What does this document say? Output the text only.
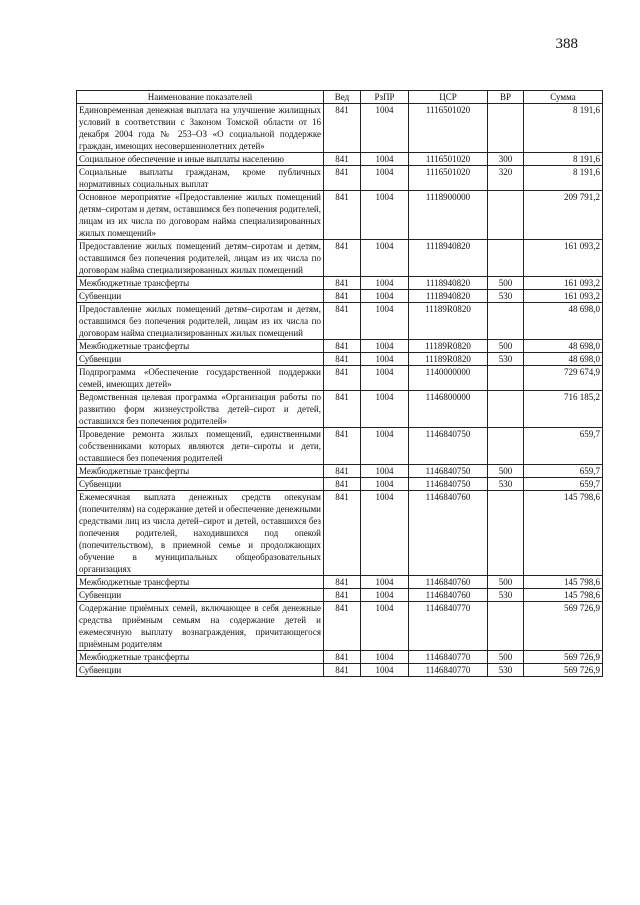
388
Наименование показателей	Вед	РзПР	ЦСР	ВР	Сумма
Единовременная денежная выплата на улучшение жилищных условий в соответствии с Законом Томской области от 16 декабря 2004 года № 253–ОЗ «О социальной поддержке граждан, имеющих несовершеннолетних детей»	841	1004	1116501020		8 191,6
Социальное обеспечение и иные выплаты населению	841	1004	1116501020	300	8 191,6
Социальные выплаты гражданам, кроме публичных нормативных социальных выплат	841	1004	1116501020	320	8 191,6
Основное мероприятие «Предоставление жилых помещений детям–сиротам и детям, оставшимся без попечения родителей, лицам из их числа по договорам найма специализированных жилых помещений»	841	1004	1118900000		209 791,2
Предоставление жилых помещений детям–сиротам и детям, оставшимся без попечения родителей, лицам из их числа по договорам найма специализированных жилых помещений	841	1004	1118940820		161 093,2
Межбюджетные трансферты	841	1004	1118940820	500	161 093,2
Субвенции	841	1004	1118940820	530	161 093,2
Предоставление жилых помещений детям–сиротам и детям, оставшимся без попечения родителей, лицам из их числа по договорам найма специализированных жилых помещений	841	1004	11189R0820		48 698,0
Межбюджетные трансферты	841	1004	11189R0820	500	48 698,0
Субвенции	841	1004	11189R0820	530	48 698,0
Подпрограмма «Обеспечение государственной поддержки семей, имеющих детей»	841	1004	1140000000		729 674,9
Ведомственная целевая программа «Организация работы по развитию форм жизнеустройства детей–сирот и детей, оставшихся без попечения родителей»	841	1004	1146800000		716 185,2
Проведение ремонта жилых помещений, единственными собственниками которых являются дети–сироты и дети, оставшиеся без попечения родителей	841	1004	1146840750		659,7
Межбюджетные трансферты	841	1004	1146840750	500	659,7
Субвенции	841	1004	1146840750	530	659,7
Ежемесячная выплата денежных средств опекунам (попечителям) на содержание детей и обеспечение денежными средствами лиц из числа детей–сирот и детей, оставшихся без попечения родителей, находившихся под опекой (попечительством), в приемной семье и продолжающих обучение в муниципальных общеобразовательных организациях	841	1004	1146840760		145 798,6
Межбюджетные трансферты	841	1004	1146840760	500	145 798,6
Субвенции	841	1004	1146840760	530	145 798,6
Содержание приёмных семей, включающее в себя денежные средства приёмным семьям на содержание детей и ежемесячную выплату вознаграждения, причитающегося приёмным родителям	841	1004	1146840770		569 726,9
Межбюджетные трансферты	841	1004	1146840770	500	569 726,9
Субвенции	841	1004	1146840770	530	569 726,9
